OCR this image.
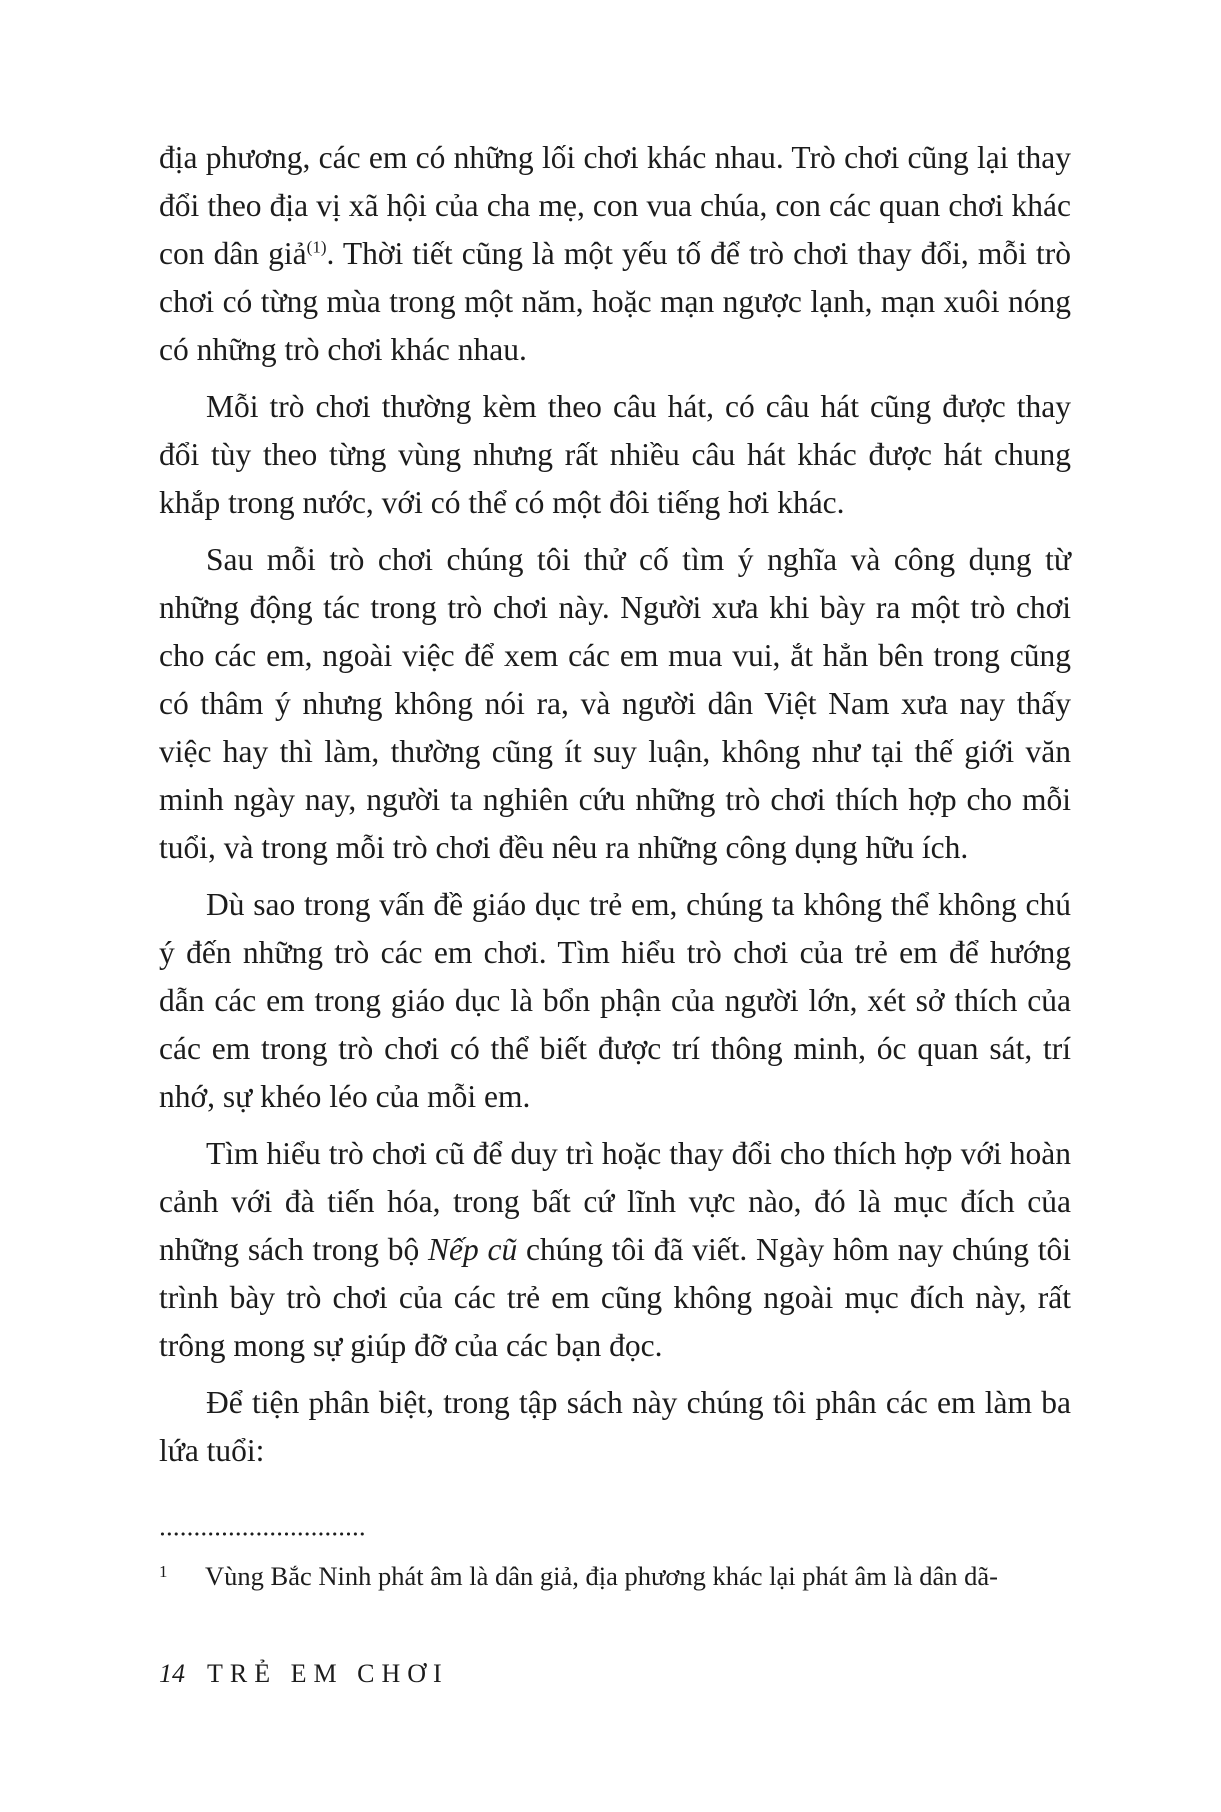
địa phương, các em có những lối chơi khác nhau. Trò chơi cũng lại thay đổi theo địa vị xã hội của cha mẹ, con vua chúa, con các quan chơi khác con dân giả$^{(1)}$. Thời tiết cũng là một yếu tố để trò chơi thay đổi, mỗi trò chơi có từng mùa trong một năm, hoặc mạn ngược lạnh, mạn xuôi nóng có những trò chơi khác nhau.

Mỗi trò chơi thường kèm theo câu hát, có câu hát cũng được thay đổi tùy theo từng vùng nhưng rất nhiều câu hát khác được hát chung khắp trong nước, với có thể có một đôi tiếng hơi khác.

Sau mỗi trò chơi chúng tôi thử cố tìm ý nghĩa và công dụng từ những động tác trong trò chơi này. Người xưa khi bày ra một trò chơi cho các em, ngoài việc để xem các em mua vui, ắt hẳn bên trong cũng có thâm ý nhưng không nói ra, và người dân Việt Nam xưa nay thấy việc hay thì làm, thường cũng ít suy luận, không như tại thế giới văn minh ngày nay, người ta nghiên cứu những trò chơi thích hợp cho mỗi tuổi, và trong mỗi trò chơi đều nêu ra những công dụng hữu ích.

Dù sao trong vấn đề giáo dục trẻ em, chúng ta không thể không chú ý đến những trò các em chơi. Tìm hiểu trò chơi của trẻ em để hướng dẫn các em trong giáo dục là bổn phận của người lớn, xét sở thích của các em trong trò chơi có thể biết được trí thông minh, óc quan sát, trí nhớ, sự khéo léo của mỗi em.

Tìm hiểu trò chơi cũ để duy trì hoặc thay đổi cho thích hợp với hoàn cảnh với đà tiến hóa, trong bất cứ lĩnh vực nào, đó là mục đích của những sách trong bộ Nếp cũ chúng tôi đã viết. Ngày hôm nay chúng tôi trình bày trò chơi của các trẻ em cũng không ngoài mục đích này, rất trông mong sự giúp đỡ của các bạn đọc.

Để tiện phân biệt, trong tập sách này chúng tôi phân các em làm ba lứa tuổi:

1 Vùng Bắc Ninh phát âm là dân giả, địa phương khác lại phát âm là dân dã-
14 TRẺ EM CHƠI
